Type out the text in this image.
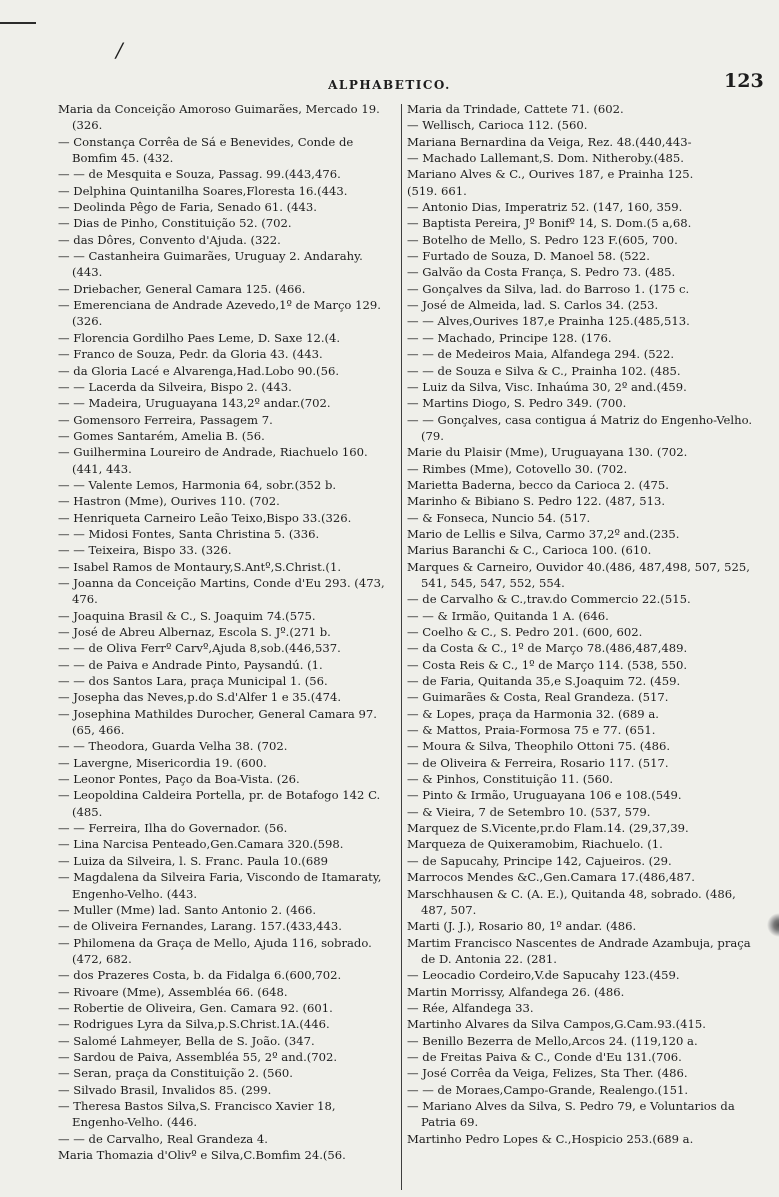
/
ALPHABETICO.	123

Maria da Conceição Amoroso Guimarães, Mercado 19. (326.

— Constança Corrêa de Sá e Benevides, Conde de Bomfim 45. (432.

— — de Mesquita e Souza, Passag. 99.(443,476.

— Delphina Quintanilha Soares,Floresta 16.(443.

— Deolinda Pêgo de Faria, Senado 61. (443.

— Dias de Pinho, Constituição 52. (702.

— das Dôres, Convento d'Ajuda. (322.

— — Castanheira Guimarães, Uruguay 2. Andarahy. (443.

— Driebacher, General Camara 125. (466.

— Emerenciana de Andrade Azevedo,1º de Março 129. (326.

— Florencia Gordilho Paes Leme, D. Saxe 12.(4.

— Franco de Souza, Pedr. da Gloria 43. (443.

— da Gloria Lacé e Alvarenga,Had.Lobo 90.(56.

— — Lacerda da Silveira, Bispo 2. (443.

— — Madeira, Uruguayana 143,2º andar.(702.

— Gomensoro Ferreira, Passagem 7.

— Gomes Santarém, Amelia B. (56.

— Guilhermina Loureiro de Andrade, Riachuelo 160. (441, 443.

— — Valente Lemos, Harmonia 64, sobr.(352 b.

— Hastron (Mme), Ourives 110. (702.

— Henriqueta Carneiro Leão Teixo,Bispo 33.(326.

— — Midosi Fontes, Santa Christina 5. (336.

— — Teixeira, Bispo 33. (326.

— Isabel Ramos de Montaury,S.Antº,S.Christ.(1.

— Joanna da Conceição Martins, Conde d'Eu 293. (473, 476.

— Joaquina Brasil & C., S. Joaquim 74.(575.

— José de Abreu Albernaz, Escola S. Jº.(271 b.

— — de Oliva Ferrº Carvº,Ajuda 8,sob.(446,537.

— — de Paiva e Andrade Pinto, Paysandú. (1.

— — dos Santos Lara, praça Municipal 1. (56.

— Josepha das Neves,p.do S.d'Alfer 1 e 35.(474.

— Josephina Mathildes Durocher, General Camara 97. (65, 466.

— — Theodora, Guarda Velha 38. (702.

— Lavergne, Misericordia 19. (600.

— Leonor Pontes, Paço da Boa-Vista. (26.

— Leopoldina Caldeira Portella, pr. de Botafogo 142 C. (485.

— — Ferreira, Ilha do Governador. (56.

— Lina Narcisa Penteado,Gen.Camara 320.(598.

— Luiza da Silveira, l. S. Franc. Paula 10.(689

— Magdalena da Silveira Faria, Viscondo de Itamaraty, Engenho-Velho. (443.

— Muller (Mme) lad. Santo Antonio 2. (466.

— de Oliveira Fernandes, Larang. 157.(433,443.

— Philomena da Graça de Mello, Ajuda 116, sobrado. (472, 682.

— dos Prazeres Costa, b. da Fidalga 6.(600,702.

— Rivoare (Mme), Assembléa 66. (648.

— Robertie de Oliveira, Gen. Camara 92. (601.

— Rodrigues Lyra da Silva,p.S.Christ.1A.(446.

— Salomé Lahmeyer, Bella de S. João. (347.

— Sardou de Paiva, Assembléa 55, 2º and.(702.

— Seran, praça da Constituição 2. (560.

— Silvado Brasil, Invalidos 85. (299.

— Theresa Bastos Silva,S. Francisco Xavier 18, Engenho-Velho. (446.

— — de Carvalho, Real Grandeza 4.

Maria Thomazia d'Olivº e Silva,C.Bomfim 24.(56.

Maria da Trindade, Cattete 71. (602.

— Wellisch, Carioca 112. (560.

Mariana Bernardina da Veiga, Rez. 48.(440,443-

— Machado Lallemant,S. Dom. Nitheroby.(485.

Mariano Alves & C., Ourives 187, e Prainha 125.

(519. 661.

— Antonio Dias, Imperatriz 52. (147, 160, 359.

— Baptista Pereira, Jº Bonifº 14, S. Dom.(5 a,68.

— Botelho de Mello, S. Pedro 123 F.(605, 700.

— Furtado de Souza, D. Manoel 58. (522.

— Galvão da Costa França, S. Pedro 73. (485.

— Gonçalves da Silva, lad. do Barroso 1. (175 c.

— José de Almeida, lad. S. Carlos 34. (253.

— — Alves,Ourives 187,e Prainha 125.(485,513.

— — Machado, Principe 128. (176.

— — de Medeiros Maia, Alfandega 294. (522.

— — de Souza e Silva & C., Prainha 102. (485.

— Luiz da Silva, Visc. Inhaúma 30, 2º and.(459.

— Martins Diogo, S. Pedro 349. (700.

— — Gonçalves, casa contigua á Matriz do Engenho-Velho. (79.

Marie du Plaisir (Mme), Uruguayana 130. (702.

— Rimbes (Mme), Cotovello 30. (702.

Marietta Baderna, becco da Carioca 2. (475.

Marinho & Bibiano S. Pedro 122. (487, 513.

— & Fonseca, Nuncio 54. (517.

Mario de Lellis e Silva, Carmo 37,2º and.(235.

Marius Baranchi & C., Carioca 100. (610.

Marques & Carneiro, Ouvidor 40.(486, 487,498, 507, 525, 541, 545, 547, 552, 554.

— de Carvalho & C.,trav.do Commercio 22.(515.

— — & Irmão, Quitanda 1 A. (646.

— Coelho & C., S. Pedro 201. (600, 602.

— da Costa & C., 1º de Março 78.(486,487,489.

— Costa Reis & C., 1º de Março 114. (538, 550.

— de Faria, Quitanda 35,e S.Joaquim 72. (459.

— Guimarães & Costa, Real Grandeza. (517.

— & Lopes, praça da Harmonia 32. (689 a.

— & Mattos, Praia-Formosa 75 e 77. (651.

— Moura & Silva, Theophilo Ottoni 75. (486.

— de Oliveira & Ferreira, Rosario 117. (517.

— & Pinhos, Constituição 11. (560.

— Pinto & Irmão, Uruguayana 106 e 108.(549.

— & Vieira, 7 de Setembro 10. (537, 579.

Marquez de S.Vicente,pr.do Flam.14. (29,37,39.

Marqueza de Quixeramobim, Riachuelo. (1.

— de Sapucahy, Principe 142, Cajueiros. (29.

Marrocos Mendes &C.,Gen.Camara 17.(486,487.

Marschhausen & C. (A. E.), Quitanda 48, sobrado. (486, 487, 507.

Marti (J. J.), Rosario 80, 1º andar. (486.

Martim Francisco Nascentes de Andrade Azambuja, praça de D. Antonia 22. (281.

— Leocadio Cordeiro,V.de Sapucahy 123.(459.

Martin Morrissy, Alfandega 26. (486.

— Rée, Alfandega 33.

Martinho Alvares da Silva Campos,G.Cam.93.(415.

— Benillo Bezerra de Mello,Arcos 24. (119,120 a.

— de Freitas Paiva & C., Conde d'Eu 131.(706.

— José Corrêa da Veiga, Felizes, Sta Ther. (486.

— — de Moraes,Campo-Grande, Realengo.(151.

— Mariano Alves da Silva, S. Pedro 79, e Voluntarios da Patria 69.

Martinho Pedro Lopes & C.,Hospicio 253.(689 a.
